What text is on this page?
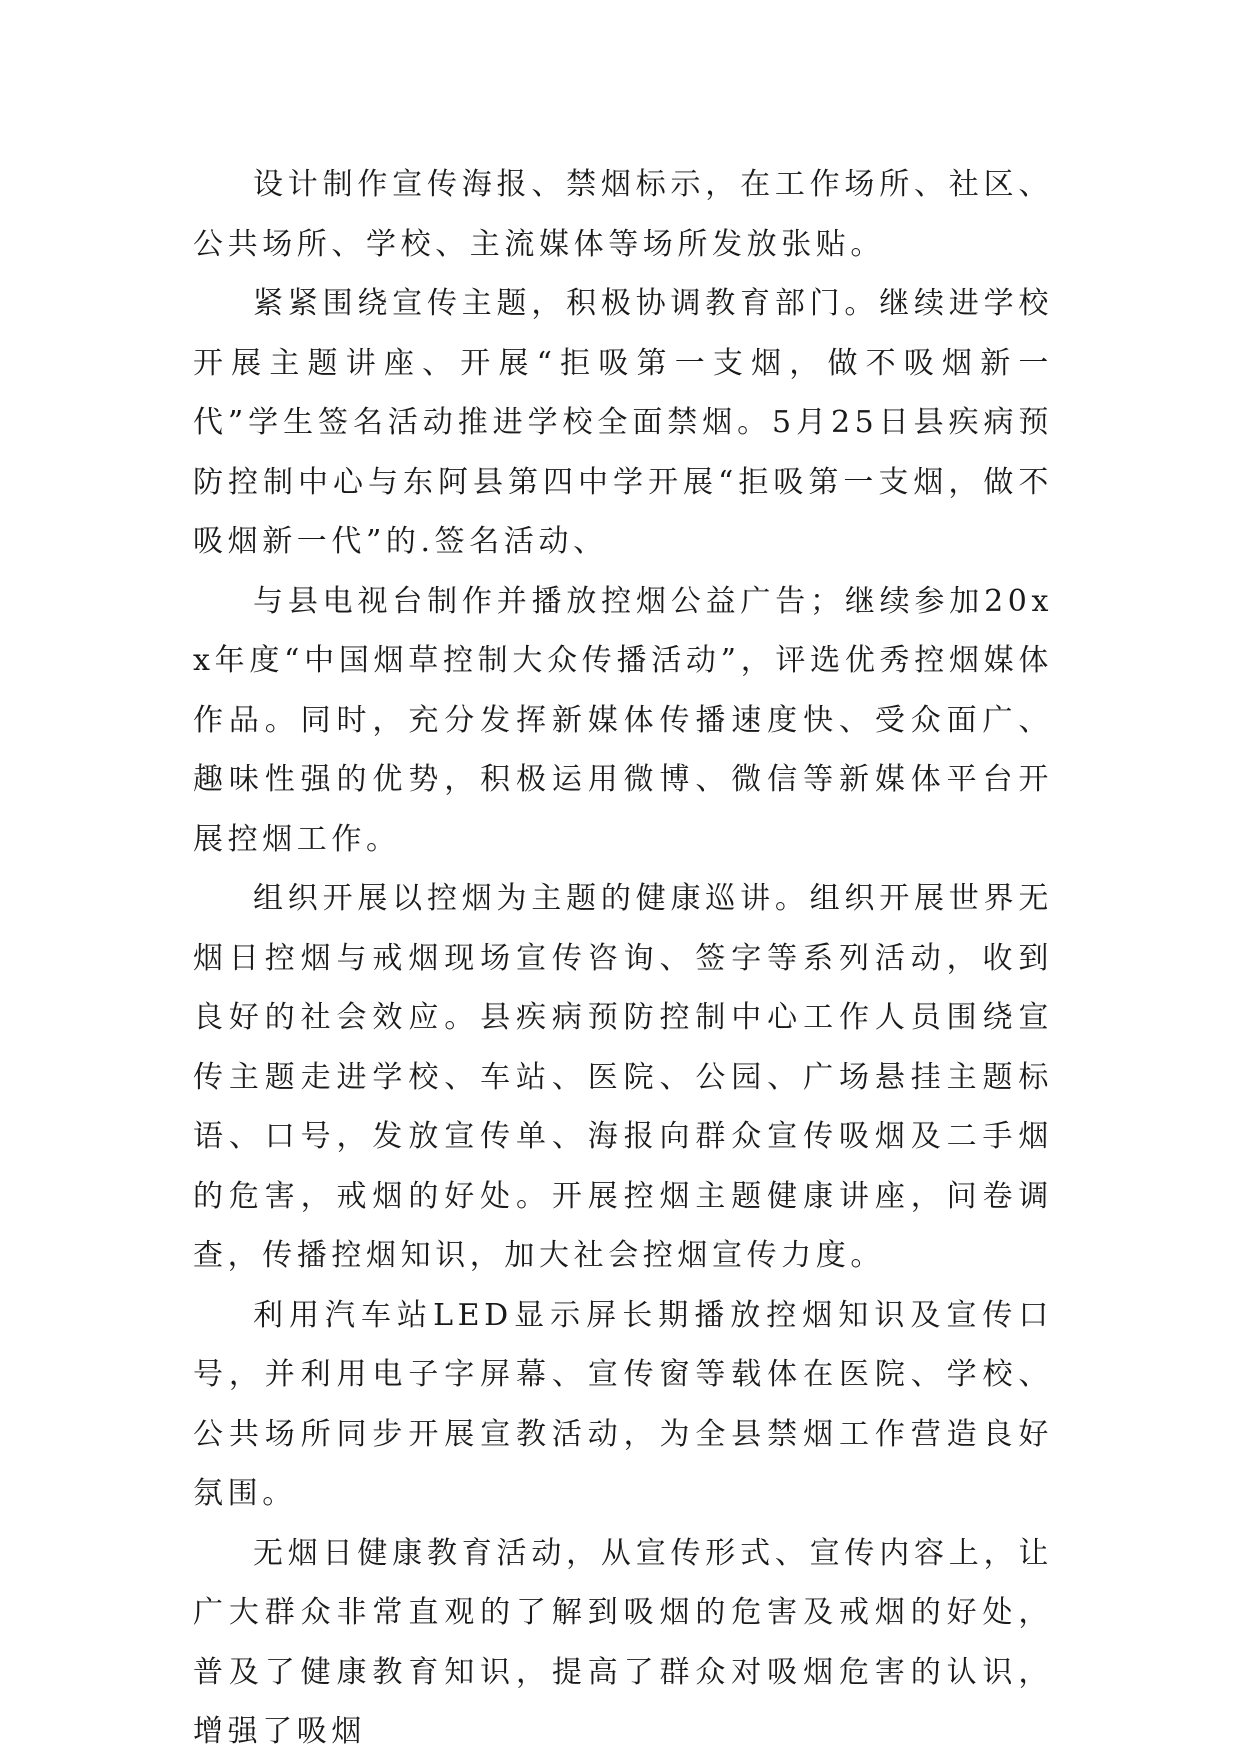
设计制作宣传海报、禁烟标示，在工作场所、社区、公共场所、学校、主流媒体等场所发放张贴。

紧紧围绕宣传主题，积极协调教育部门。继续进学校开展主题讲座、开展“拒吸第一支烟，做不吸烟新一代”学生签名活动推进学校全面禁烟。5月25日县疾病预防控制中心与东阿县第四中学开展“拒吸第一支烟，做不吸烟新一代”的.签名活动、

与县电视台制作并播放控烟公益广告；继续参加20xx年度“中国烟草控制大众传播活动”，评选优秀控烟媒体作品。同时，充分发挥新媒体传播速度快、受众面广、趣味性强的优势，积极运用微博、微信等新媒体平台开展控烟工作。

组织开展以控烟为主题的健康巡讲。组织开展世界无烟日控烟与戒烟现场宣传咨询、签字等系列活动，收到良好的社会效应。县疾病预防控制中心工作人员围绕宣传主题走进学校、车站、医院、公园、广场悬挂主题标语、口号，发放宣传单、海报向群众宣传吸烟及二手烟的危害，戒烟的好处。开展控烟主题健康讲座，问卷调查，传播控烟知识，加大社会控烟宣传力度。

利用汽车站LED显示屏长期播放控烟知识及宣传口号，并利用电子字屏幕、宣传窗等载体在医院、学校、公共场所同步开展宣教活动，为全县禁烟工作营造良好氛围。

无烟日健康教育活动，从宣传形式、宣传内容上，让广大群众非常直观的了解到吸烟的危害及戒烟的好处，普及了健康教育知识，提高了群众对吸烟危害的认识，增强了吸烟
